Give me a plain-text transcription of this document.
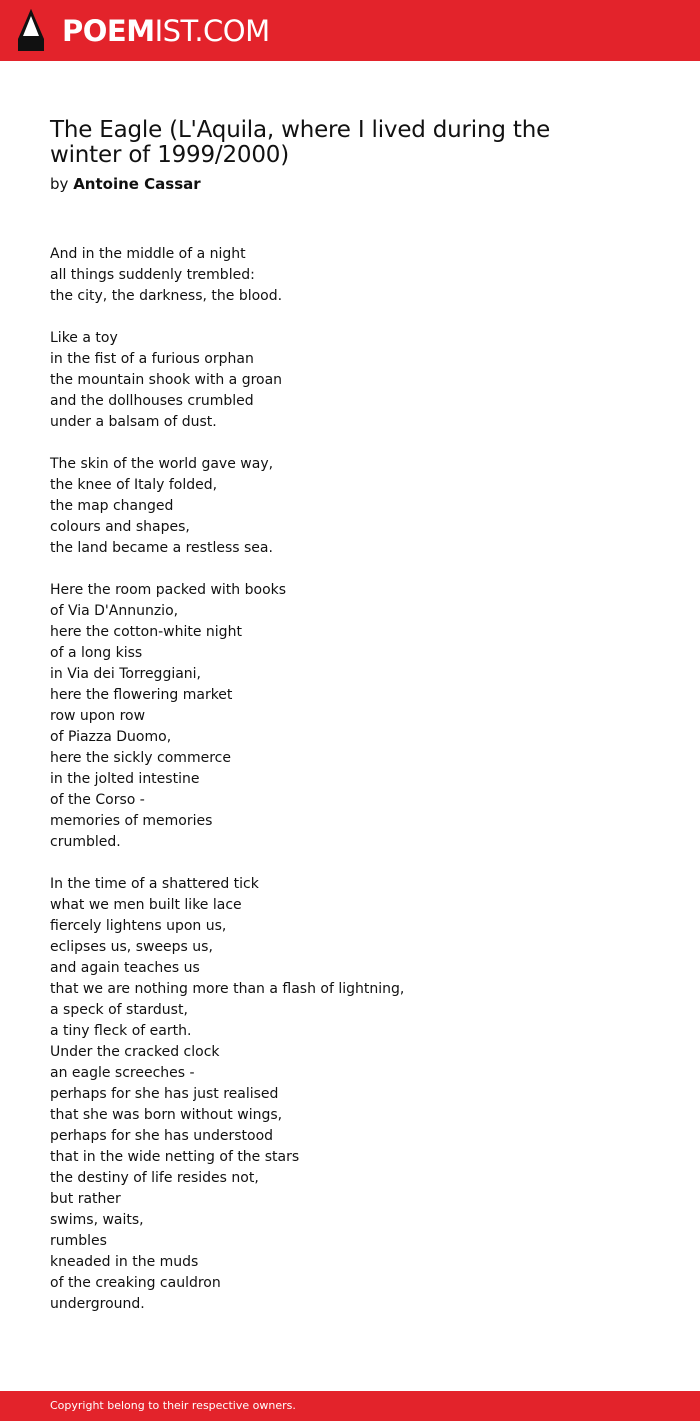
POEMIST.COM
The Eagle (L'Aquila, where I lived during the winter of 1999/2000)
by Antoine Cassar
And in the middle of a night
all things suddenly trembled:
the city, the darkness, the blood.
Like a toy
in the fist of a furious orphan
the mountain shook with a groan
and the dollhouses crumbled
under a balsam of dust.
The skin of the world gave way,
the knee of Italy folded,
the map changed
colours and shapes,
the land became a restless sea.
Here the room packed with books
of Via D'Annunzio,
here the cotton-white night
of a long kiss
in Via dei Torreggiani,
here the flowering market
row upon row
of Piazza Duomo,
here the sickly commerce
in the jolted intestine
of the Corso -
memories of memories
crumbled.
In the time of a shattered tick
what we men built like lace
fiercely lightens upon us,
eclipses us, sweeps us,
and again teaches us
that we are nothing more than a flash of lightning,
a speck of stardust,
a tiny fleck of earth.
Under the cracked clock
an eagle screeches -
perhaps for she has just realised
that she was born without wings,
perhaps for she has understood
that in the wide netting of the stars
the destiny of life resides not,
but rather
swims, waits,
rumbles
kneaded in the muds
of the creaking cauldron
underground.
Copyright belong to their respective owners.
